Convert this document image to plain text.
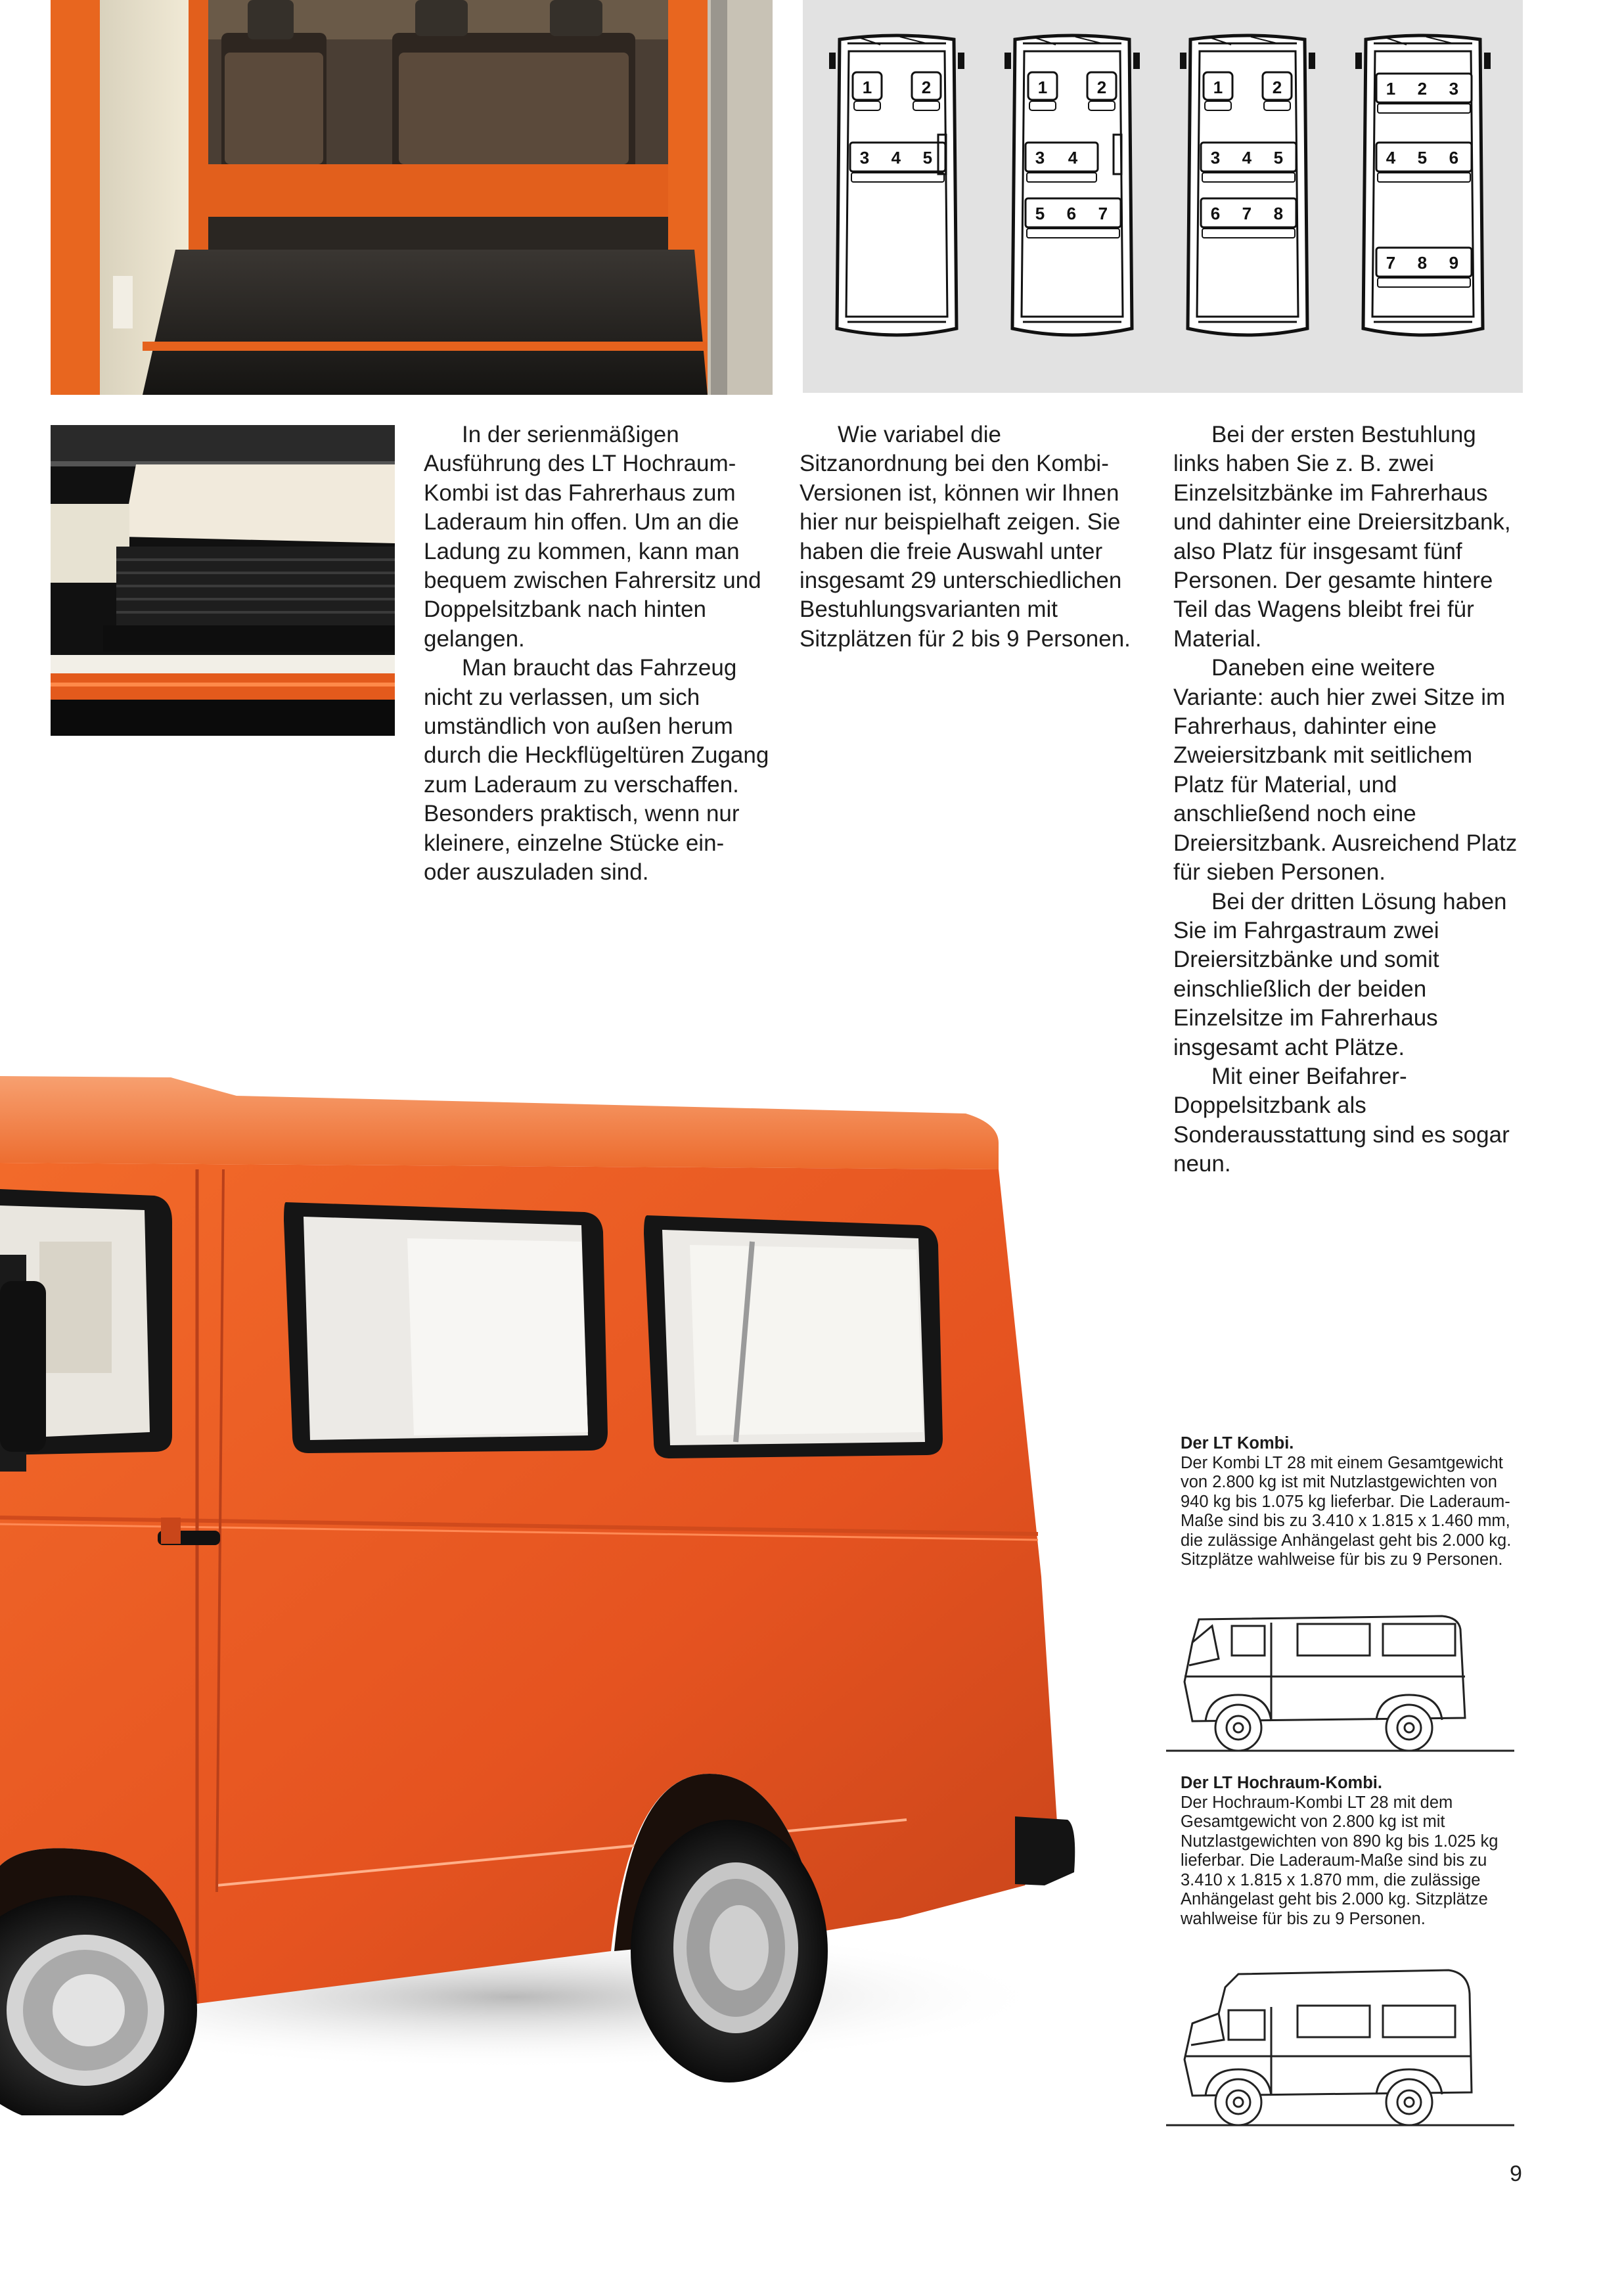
1	2
3 4 5
1	2
3 4
5 6 7
1	2
3 4 5
6 7 8
1 2 3
4 5 6
7 8 9

In der serienmäßigen Ausführung des LT Hochraum-Kombi ist das Fahrerhaus zum Laderaum hin offen. Um an die Ladung zu kommen, kann man bequem zwischen Fahrersitz und Doppelsitzbank nach hinten gelangen.

Man braucht das Fahrzeug nicht zu verlassen, um sich umständlich von außen herum durch die Heckflügeltüren Zugang zum Laderaum zu verschaffen. Besonders praktisch, wenn nur kleinere, einzelne Stücke ein- oder auszuladen sind.

Wie variabel die Sitzanordnung bei den Kombi-Versionen ist, können wir Ihnen hier nur beispielhaft zeigen. Sie haben die freie Auswahl unter insgesamt 29 unterschiedlichen Bestuhlungsvarianten mit Sitzplätzen für 2 bis 9 Personen.

Bei der ersten Bestuhlung links haben Sie z. B. zwei Einzelsitzbänke im Fahrerhaus und dahinter eine Dreiersitzbank, also Platz für insgesamt fünf Personen. Der gesamte hintere Teil das Wagens bleibt frei für Material.

Daneben eine weitere Variante: auch hier zwei Sitze im Fahrerhaus, dahinter eine Zweiersitzbank mit seitlichem Platz für Material, und anschließend noch eine Dreiersitzbank. Ausreichend Platz für sieben Personen.

Bei der dritten Lösung haben Sie im Fahrgastraum zwei Dreiersitzbänke und somit einschließlich der beiden Einzelsitze im Fahrerhaus insgesamt acht Plätze.

Mit einer Beifahrer-Doppelsitzbank als Sonderausstattung sind es sogar neun.

Der LT Kombi.
Der Kombi LT 28 mit einem Gesamtgewicht von 2.800 kg ist mit Nutzlastgewichten von 940 kg bis 1.075 kg lieferbar. Die Laderaum-Maße sind bis zu 3.410 x 1.815 x 1.460 mm, die zulässige Anhängelast geht bis 2.000 kg. Sitzplätze wahlweise für bis zu 9 Personen.
Der LT Hochraum-Kombi.
Der Hochraum-Kombi LT 28 mit dem Gesamtgewicht von 2.800 kg ist mit Nutzlastgewichten von 890 kg bis 1.025 kg lieferbar. Die Laderaum-Maße sind bis zu 3.410 x 1.815 x 1.870 mm, die zulässige Anhängelast geht bis 2.000 kg. Sitzplätze wahlweise für bis zu 9 Personen.
9
